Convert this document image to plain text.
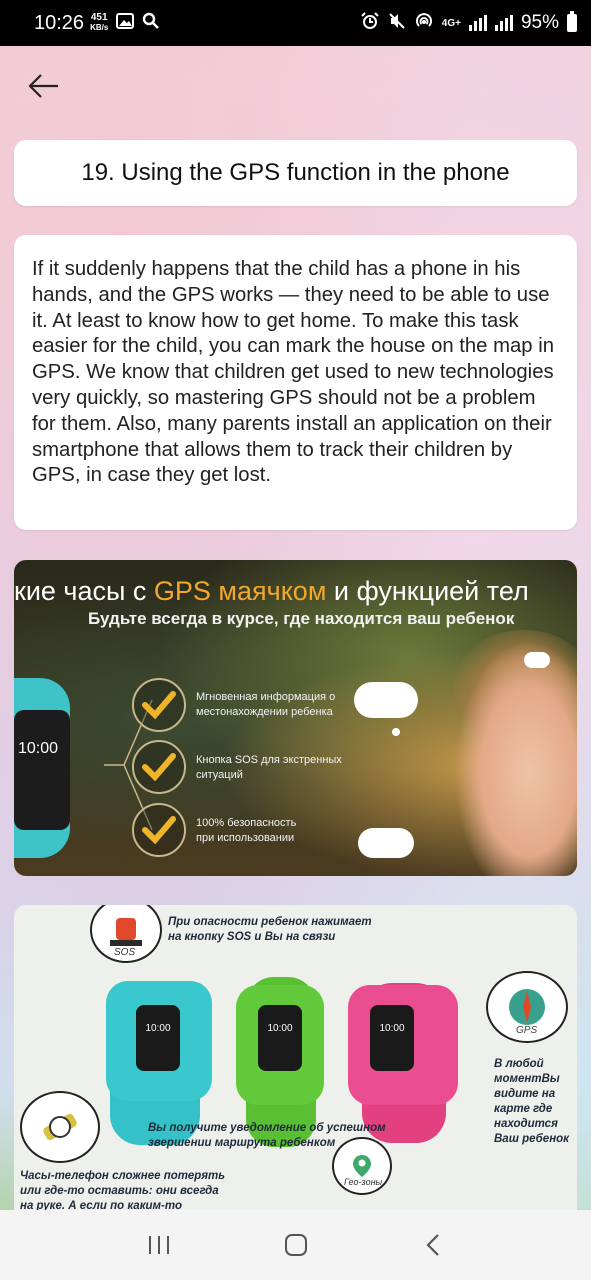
10:26 451
KB/s	4G+	95%
19. Using the GPS function in the phone

If it suddenly happens that the child has a phone in his hands, and the GPS works — they need to be able to use it. At least to know how to get home. To make this task easier for the child, you can mark the house on the map in GPS. We know that children get used to new technologies very quickly, so mastering GPS should not be a problem for them. Also, many parents install an application on their smartphone that allows them to track their children by GPS, in case they get lost.

кие часы с GPS маячком и функцией тел
Будьте всегда в курсе, где находится ваш ребенок
10:00
Мгновенная информация о местонахождении ребенка
Кнопка SOS для экстренных ситуаций
100% безопасность при использовании
SOS
При опасности ребенок нажимает на кнопку SOS и Вы на связи
10:00	10:00	10:00	GPS
В любой моментВы видите на карте где находится Ваш ребенок
Вы получите уведомление об успешном звершении маршрута ребенком
Гео-зоны
Часы-телефон сложнее потерять или где-то оставить: они всегда на руке. А если по каким-то
